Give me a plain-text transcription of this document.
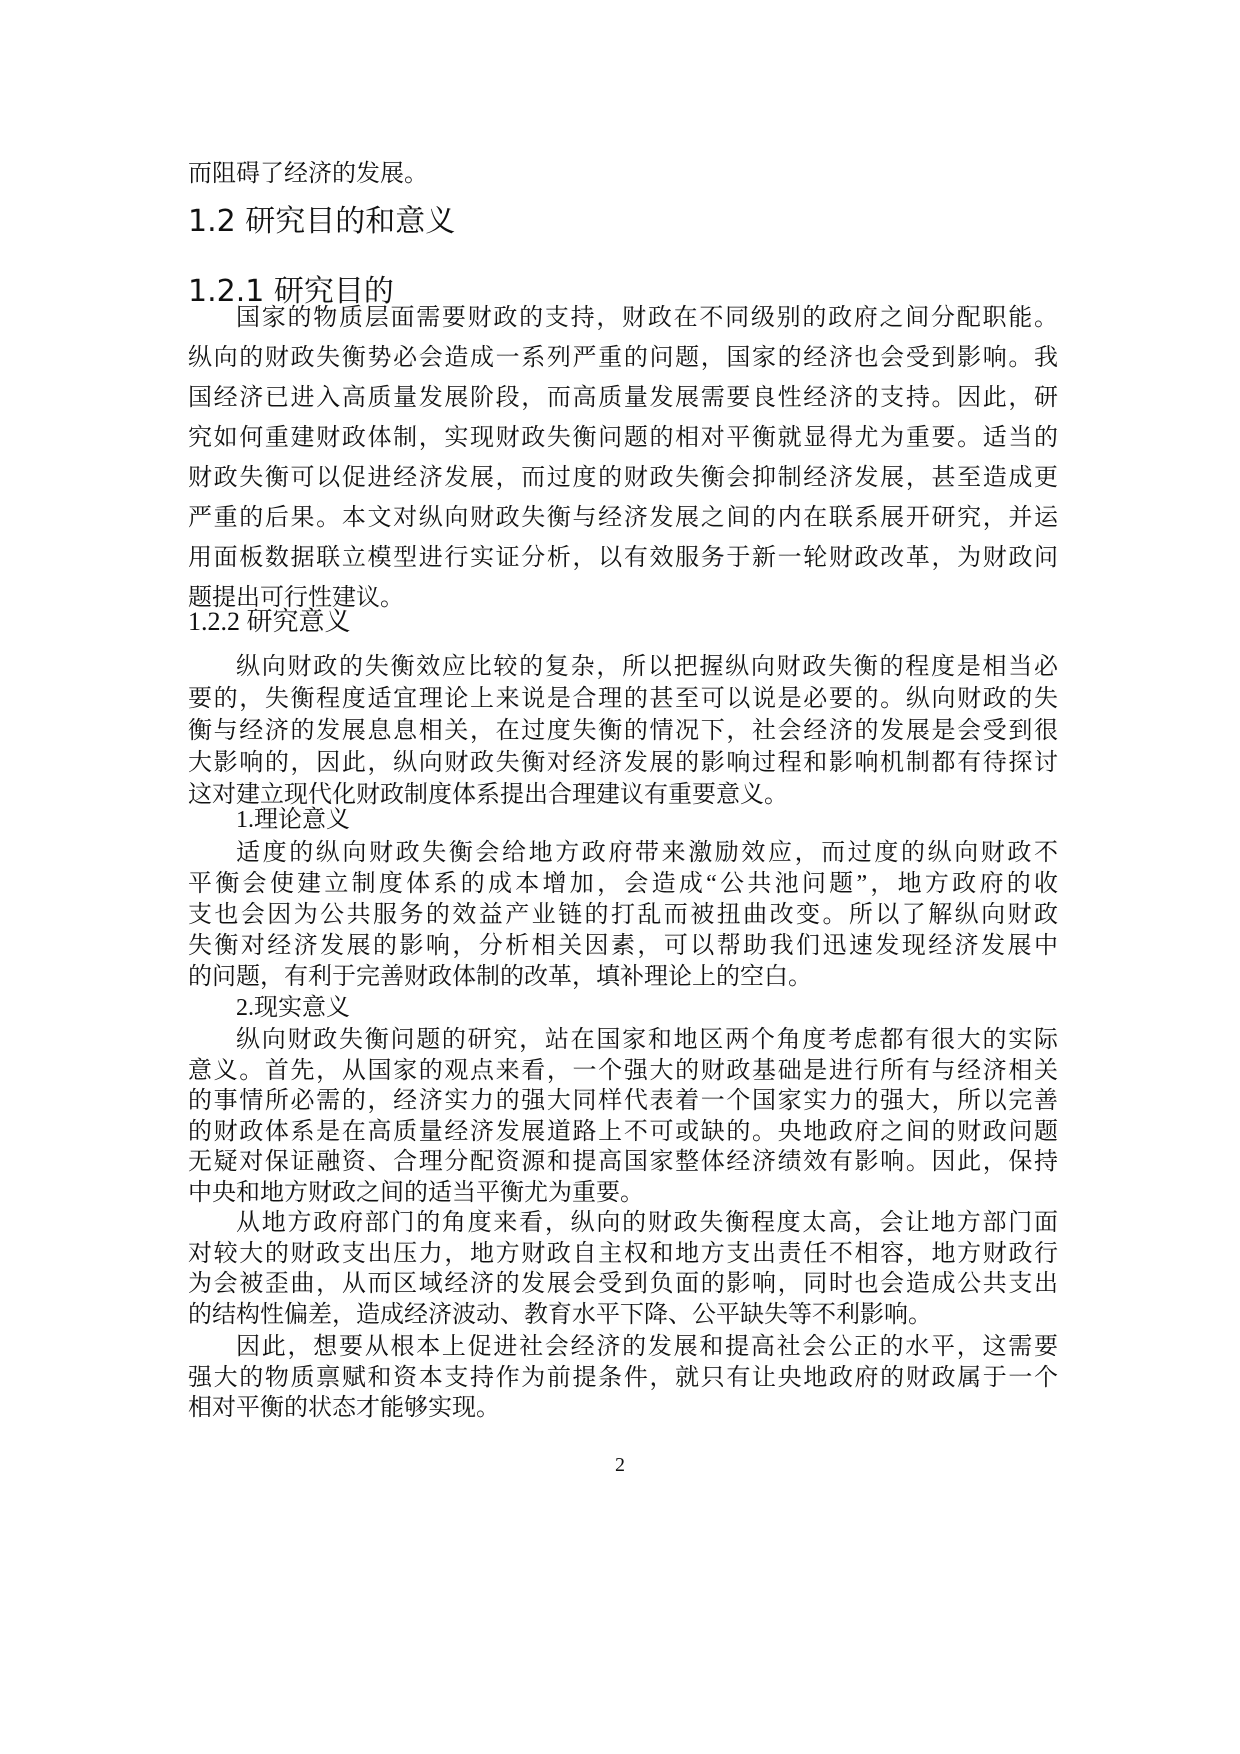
而阻碍了经济的发展。
1.2 研究目的和意义
1.2.1 研究目的
国家的物质层面需要财政的支持，财政在不同级别的政府之间分配职能。
纵向的财政失衡势必会造成一系列严重的问题，国家的经济也会受到影响。我
国经济已进入高质量发展阶段，而高质量发展需要良性经济的支持。因此，研
究如何重建财政体制，实现财政失衡问题的相对平衡就显得尤为重要。适当的
财政失衡可以促进经济发展，而过度的财政失衡会抑制经济发展，甚至造成更
严重的后果。本文对纵向财政失衡与经济发展之间的内在联系展开研究，并运
用面板数据联立模型进行实证分析，以有效服务于新一轮财政改革，为财政问
题提出可行性建议。
1.2.2 研究意义
纵向财政的失衡效应比较的复杂，所以把握纵向财政失衡的程度是相当必
要的，失衡程度适宜理论上来说是合理的甚至可以说是必要的。纵向财政的失
衡与经济的发展息息相关，在过度失衡的情况下，社会经济的发展是会受到很
大影响的，因此，纵向财政失衡对经济发展的影响过程和影响机制都有待探讨
这对建立现代化财政制度体系提出合理建议有重要意义。
1.理论意义
适度的纵向财政失衡会给地方政府带来激励效应，而过度的纵向财政不
平衡会使建立制度体系的成本增加，会造成“公共池问题”，地方政府的收
支也会因为公共服务的效益产业链的打乱而被扭曲改变。所以了解纵向财政
失衡对经济发展的影响，分析相关因素，可以帮助我们迅速发现经济发展中
的问题，有利于完善财政体制的改革，填补理论上的空白。
2.现实意义
纵向财政失衡问题的研究，站在国家和地区两个角度考虑都有很大的实际
意义。首先，从国家的观点来看，一个强大的财政基础是进行所有与经济相关
的事情所必需的，经济实力的强大同样代表着一个国家实力的强大，所以完善
的财政体系是在高质量经济发展道路上不可或缺的。央地政府之间的财政问题
无疑对保证融资、合理分配资源和提高国家整体经济绩效有影响。因此，保持
中央和地方财政之间的适当平衡尤为重要。
从地方政府部门的角度来看，纵向的财政失衡程度太高，会让地方部门面
对较大的财政支出压力，地方财政自主权和地方支出责任不相容，地方财政行
为会被歪曲，从而区域经济的发展会受到负面的影响，同时也会造成公共支出
的结构性偏差，造成经济波动、教育水平下降、公平缺失等不利影响。
因此，想要从根本上促进社会经济的发展和提高社会公正的水平，这需要
强大的物质禀赋和资本支持作为前提条件，就只有让央地政府的财政属于一个
相对平衡的状态才能够实现。
2
